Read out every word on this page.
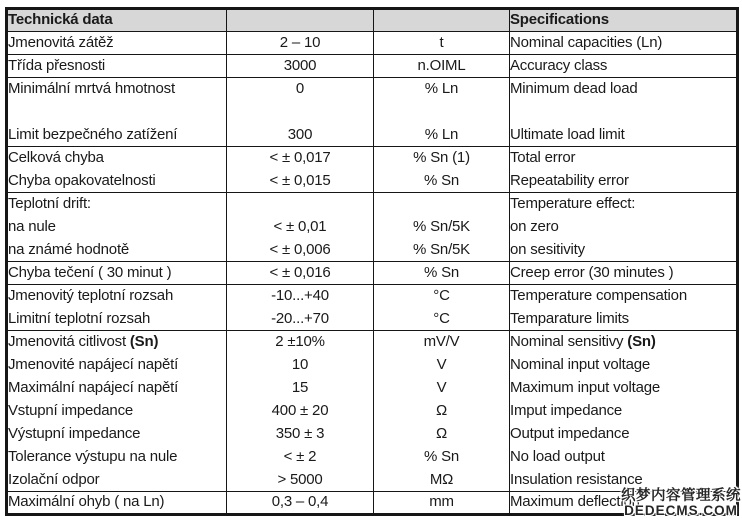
Technická data			Specifications
Jmenovitá zátěž	2 – 10	t	Nominal capacities (Ln)
Třída přesnosti	3000	n.OIML	Accuracy class
Minimální mrtvá hmotnost	0	% Ln	Minimum dead load

Limit bezpečného zatížení	300	% Ln	Ultimate load limit
Celková chyba	< ± 0,017	% Sn (1)	Total error
Chyba opakovatelnosti	< ± 0,015	% Sn	Repeatability error
Teplotní drift:			Temperature effect:
na nule	< ± 0,01	% Sn/5K	on zero
na známé hodnotě	< ± 0,006	% Sn/5K	on sesitivity
Chyba tečení ( 30 minut )	< ± 0,016	% Sn	Creep error (30 minutes )
Jmenovitý teplotní rozsah	-10...+40	°C	Temperature compensation
Limitní teplotní rozsah	-20...+70	°C	Temparature limits
Jmenovitá citlivost (Sn)	2 ±10%	mV/V	Nominal sensitivy (Sn)
Jmenovité napájecí napětí	10	V	Nominal input voltage
Maximální napájecí napětí	15	V	Maximum input voltage
Vstupní impedance	400 ± 20	Ω	Imput impedance
Výstupní impedance	350 ± 3	Ω	Output impedance
Tolerance výstupu na nule	< ± 2	% Sn	No load output
Izolační odpor	> 5000	MΩ	Insulation resistance
Maximální ohyb ( na Ln)	0,3 – 0,4	mm	Maximum deflection
织梦内容管理系统
DEDECMS.COM
